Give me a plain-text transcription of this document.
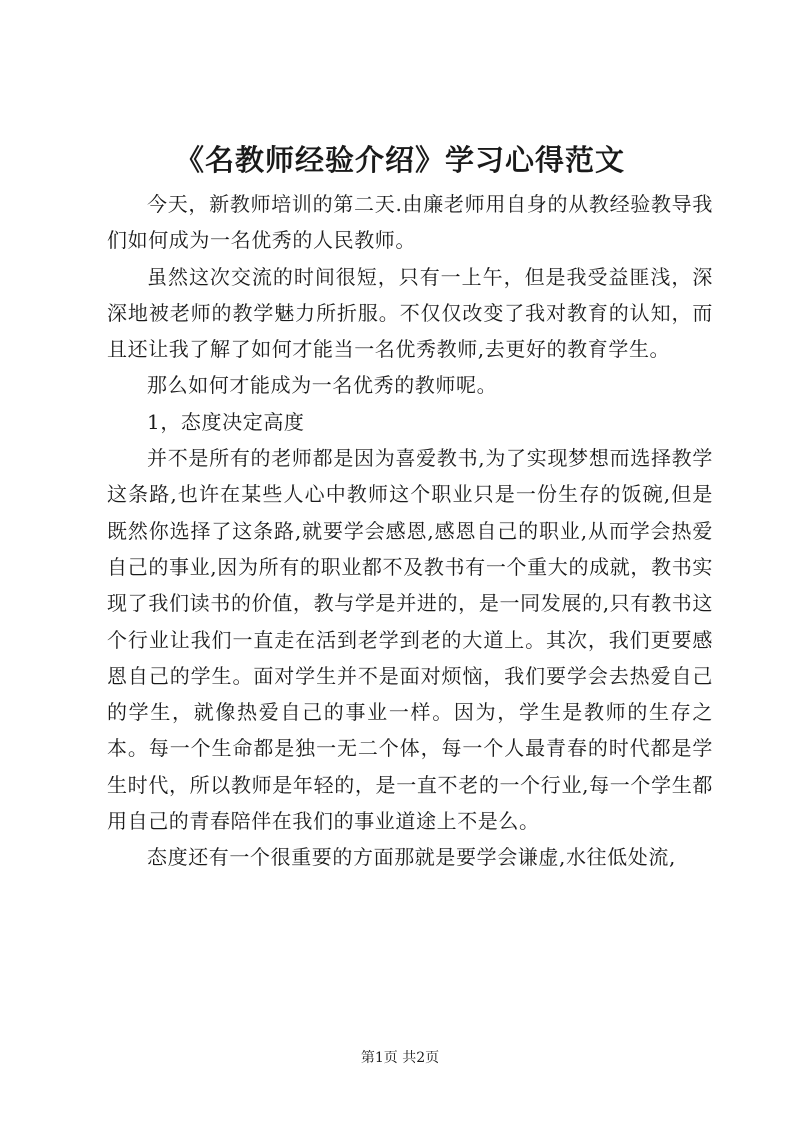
《名教师经验介绍》学习心得范文

今天，新教师培训的第二天.由廉老师用自身的从教经验教导我们如何成为一名优秀的人民教师。

虽然这次交流的时间很短，只有一上午，但是我受益匪浅，深深地被老师的教学魅力所折服。不仅仅改变了我对教育的认知，而且还让我了解了如何才能当一名优秀教师,去更好的教育学生。

那么如何才能成为一名优秀的教师呢。

1，态度决定高度

并不是所有的老师都是因为喜爱教书,为了实现梦想而选择教学这条路,也许在某些人心中教师这个职业只是一份生存的饭碗,但是既然你选择了这条路,就要学会感恩,感恩自己的职业,从而学会热爱自己的事业,因为所有的职业都不及教书有一个重大的成就，教书实现了我们读书的价值，教与学是并进的，是一同发展的,只有教书这个行业让我们一直走在活到老学到老的大道上。其次，我们更要感恩自己的学生。面对学生并不是面对烦恼，我们要学会去热爱自己的学生，就像热爱自己的事业一样。因为，学生是教师的生存之本。每一个生命都是独一无二个体，每一个人最青春的时代都是学生时代，所以教师是年轻的，是一直不老的一个行业,每一个学生都用自己的青春陪伴在我们的事业道途上不是么。

态度还有一个很重要的方面那就是要学会谦虚,水往低处流,

第1页 共2页
